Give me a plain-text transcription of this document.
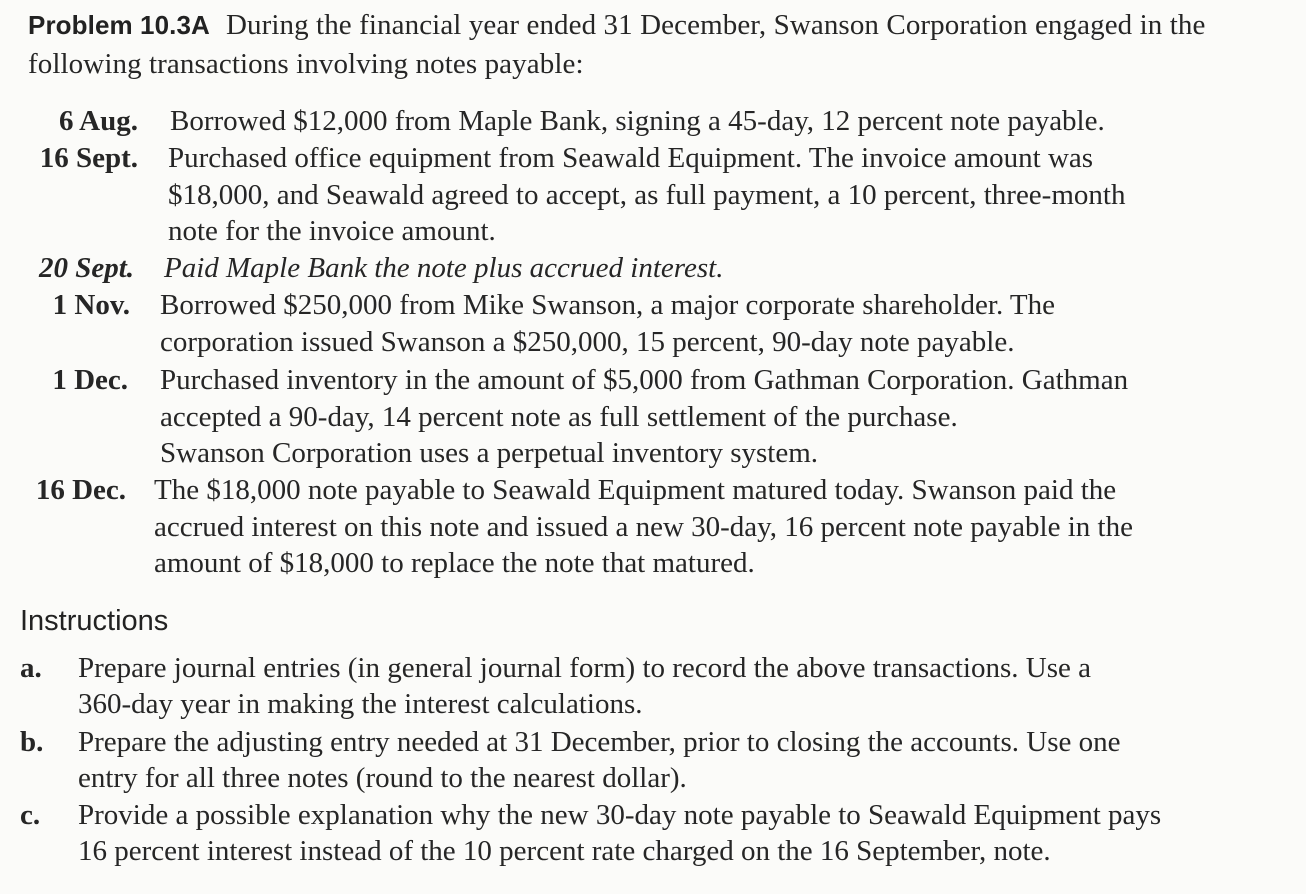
Problem 10.3A During the financial year ended 31 December, Swanson Corporation engaged in the following transactions involving notes payable:
6 Aug. Borrowed $12,000 from Maple Bank, signing a 45-day, 12 percent note payable.
16 Sept. Purchased office equipment from Seawald Equipment. The invoice amount was
$18,000, and Seawald agreed to accept, as full payment, a 10 percent, three-month
note for the invoice amount.
20 Sept. Paid Maple Bank the note plus accrued interest.
1 Nov. Borrowed $250,000 from Mike Swanson, a major corporate shareholder. The
corporation issued Swanson a $250,000, 15 percent, 90-day note payable.
1 Dec. Purchased inventory in the amount of $5,000 from Gathman Corporation. Gathman
accepted a 90-day, 14 percent note as full settlement of the purchase.
Swanson Corporation uses a perpetual inventory system.
16 Dec. The $18,000 note payable to Seawald Equipment matured today. Swanson paid the
accrued interest on this note and issued a new 30-day, 16 percent note payable in the
amount of $18,000 to replace the note that matured.
Instructions
a. Prepare journal entries (in general journal form) to record the above transactions. Use a
360-day year in making the interest calculations.
b. Prepare the adjusting entry needed at 31 December, prior to closing the accounts. Use one
entry for all three notes (round to the nearest dollar).
c. Provide a possible explanation why the new 30-day note payable to Seawald Equipment pays
16 percent interest instead of the 10 percent rate charged on the 16 September, note.
